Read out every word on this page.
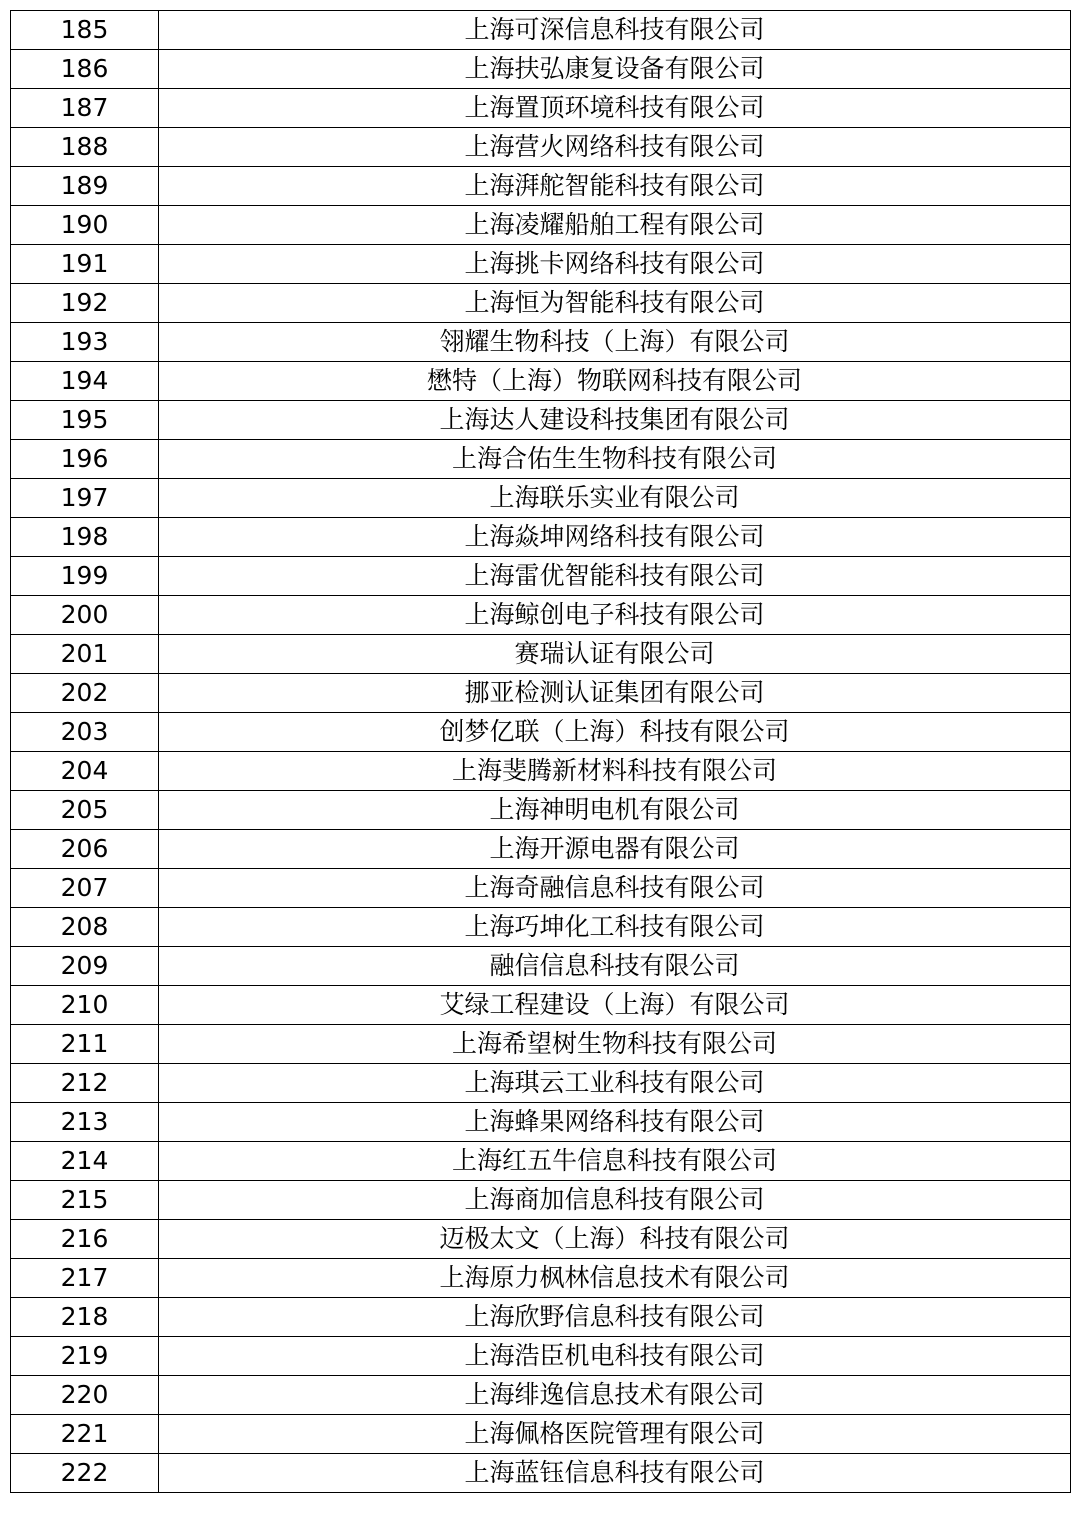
185	上海可深信息科技有限公司
186	上海扶弘康复设备有限公司
187	上海置顶环境科技有限公司
188	上海营火网络科技有限公司
189	上海湃舵智能科技有限公司
190	上海凌耀船舶工程有限公司
191	上海挑卡网络科技有限公司
192	上海恒为智能科技有限公司
193	翎耀生物科技（上海）有限公司
194	懋特（上海）物联网科技有限公司
195	上海达人建设科技集团有限公司
196	上海合佑生生物科技有限公司
197	上海联乐实业有限公司
198	上海焱坤网络科技有限公司
199	上海雷优智能科技有限公司
200	上海鲸创电子科技有限公司
201	赛瑞认证有限公司
202	挪亚检测认证集团有限公司
203	创梦亿联（上海）科技有限公司
204	上海斐腾新材料科技有限公司
205	上海神明电机有限公司
206	上海开源电器有限公司
207	上海奇融信息科技有限公司
208	上海巧坤化工科技有限公司
209	融信信息科技有限公司
210	艾绿工程建设（上海）有限公司
211	上海希望树生物科技有限公司
212	上海琪云工业科技有限公司
213	上海蜂果网络科技有限公司
214	上海红五牛信息科技有限公司
215	上海商加信息科技有限公司
216	迈极太文（上海）科技有限公司
217	上海原力枫林信息技术有限公司
218	上海欣野信息科技有限公司
219	上海浩臣机电科技有限公司
220	上海绯逸信息技术有限公司
221	上海佩格医院管理有限公司
222	上海蓝钰信息科技有限公司
